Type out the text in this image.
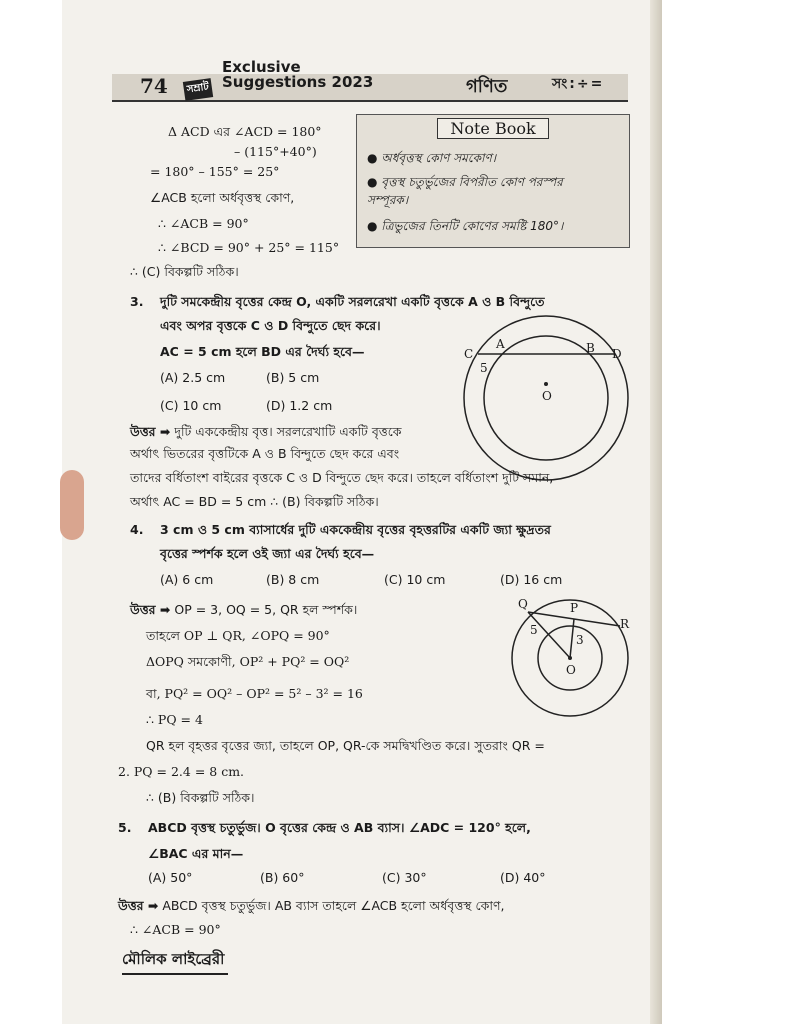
74	সম্রাট
Exclusive
Suggestions 2023	গণিত	সং:÷=
Δ ACD এর ∠ACD = 180°
– (115°+40°)
= 180° – 155° = 25°
∠ACB হলো অর্ধবৃত্তস্থ কোণ,
∴ ∠ACB = 90°
∴ ∠BCD = 90° + 25° = 115°
∴ (C) বিকল্পটি সঠিক।
Note Book
● অর্ধবৃত্তস্থ কোণ সমকোণ।
● বৃত্তস্থ চতুর্ভুজের বিপরীত কোণ পরস্পর
সম্পূরক।
● ত্রিভুজের তিনটি কোণের সমষ্টি 180°।
3. দুটি সমকেন্দ্রীয় বৃত্তের কেন্দ্র O, একটি সরলরেখা একটি বৃত্তকে A ও B বিন্দুতে
এবং অপর বৃত্তকে C ও D বিন্দুতে ছেদ করে।
AC = 5 cm হলে BD এর দৈর্ঘ্য হবে—
(A) 2.5 cm	(B) 5 cm
(C) 10 cm	(D) 1.2 cm
C
A	B D
5
O
উত্তর ➡ দুটি এককেন্দ্রীয় বৃত্ত। সরলরেখাটি একটি বৃত্তকে
অর্থাৎ ভিতরের বৃত্তটিকে A ও B বিন্দুতে ছেদ করে এবং
তাদের বর্ধিতাংশ বাইরের বৃত্তকে C ও D বিন্দুতে ছেদ করে। তাহলে বর্ধিতাংশ দুটি সমান,
অর্থাৎ AC = BD = 5 cm ∴ (B) বিকল্পটি সঠিক।
4. 3 cm ও 5 cm ব্যাসার্ধের দুটি এককেন্দ্রীয় বৃত্তের বৃহত্তরটির একটি জ্যা ক্ষুদ্রতর
বৃত্তের স্পর্শক হলে ওই জ্যা এর দৈর্ঘ্য হবে—
(A) 6 cm	(B) 8 cm	(C) 10 cm	(D) 16 cm
উত্তর ➡ OP = 3, OQ = 5, QR হল স্পর্শক।
তাহলে OP ⊥ QR, ∠OPQ = 90°
ΔOPQ সমকোণী, OP² + PQ² = OQ²
বা, PQ² = OQ² – OP² = 5² – 3² = 16
∴ PQ = 4
QR হল বৃহত্তর বৃত্তের জ্যা, তাহলে OP, QR-কে সমদ্বিখণ্ডিত করে। সুতরাং QR =
2. PQ = 2.4 = 8 cm.
∴ (B) বিকল্পটি সঠিক।
Q	P
R
5
3
O
5. ABCD বৃত্তস্থ চতুর্ভুজ। O বৃত্তের কেন্দ্র ও AB ব্যাস। ∠ADC = 120° হলে,
∠BAC এর মান—
(A) 50°	(B) 60°	(C) 30°	(D) 40°
উত্তর ➡ ABCD বৃত্তস্থ চতুর্ভুজ। AB ব্যাস তাহলে ∠ACB হলো অর্ধবৃত্তস্থ কোণ,
∴ ∠ACB = 90°
মৌলিক লাইব্রেরী
